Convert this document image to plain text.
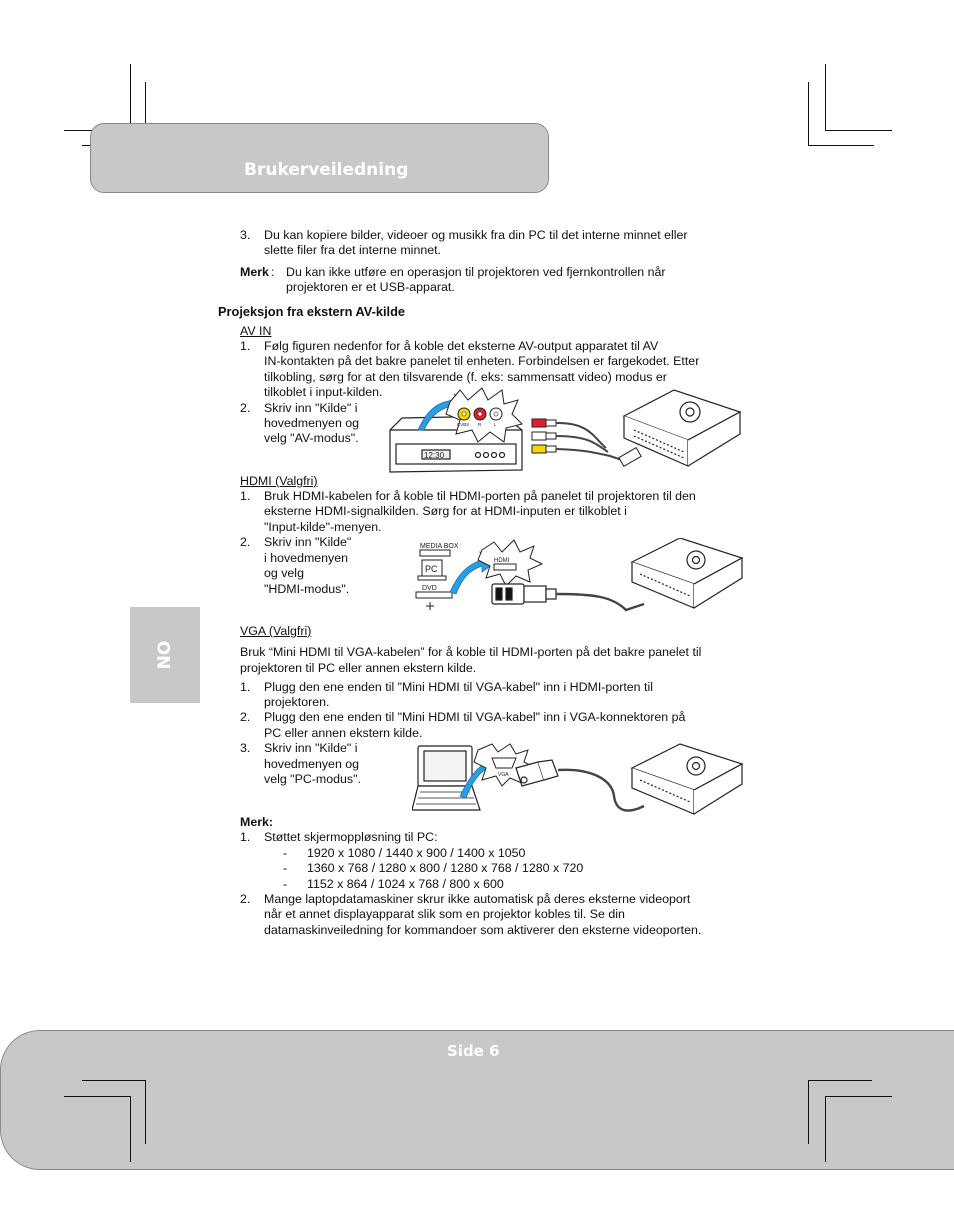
Brukerveiledning
NO
3. Du kan kopiere bilder, videoer og musikk fra din PC til det interne minnet eller
slette filer fra det interne minnet.
Merk : Du kan ikke utføre en operasjon til projektoren ved fjernkontrollen når
projektoren er et USB-apparat.
Projeksjon fra ekstern AV-kilde
AV IN
1. Følg figuren nedenfor for å koble det eksterne AV-output apparatet til AV
IN-kontakten på det bakre panelet til enheten. Forbindelsen er fargekodet. Etter
tilkobling, sørg for at den tilsvarende (f. eks: sammensatt video) modus er
tilkoblet i input-kilden.
2. Skriv inn "Kilde" i
hovedmenyen og
velg "AV-modus".
12:30
CVBS R	L
HDMI (Valgfri)
1. Bruk HDMI-kabelen for å koble til HDMI-porten på panelet til projektoren til den
eksterne HDMI-signalkilden. Sørg for at HDMI-inputen er tilkoblet i
"Input-kilde"-menyen.
2. Skriv inn "Kilde"
i hovedmenyen
og velg
"HDMI-modus".
MEDIA BOX
PC
DVD
HDMI
VGA (Valgfri)
Bruk “Mini HDMI til VGA-kabelen” for å koble til HDMI-porten på det bakre panelet til
projektoren til PC eller annen ekstern kilde.
1. Plugg den ene enden til "Mini HDMI til VGA-kabel" inn i HDMI-porten til
projektoren.
2. Plugg den ene enden til "Mini HDMI til VGA-kabel" inn i VGA-konnektoren på
PC eller annen ekstern kilde.
3. Skriv inn "Kilde" i
hovedmenyen og
velg "PC-modus".	VGA
Merk:
1. Støttet skjermoppløsning til PC:
- 1920 x 1080 / 1440 x 900 / 1400 x 1050
- 1360 x 768 / 1280 x 800 / 1280 x 768 / 1280 x 720
- 1152 x 864 / 1024 x 768 / 800 x 600
2. Mange laptopdatamaskiner skrur ikke automatisk på deres eksterne videoport
når et annet displayapparat slik som en projektor kobles til. Se din
datamaskinveiledning for kommandoer som aktiverer den eksterne videoporten.
Side 6
